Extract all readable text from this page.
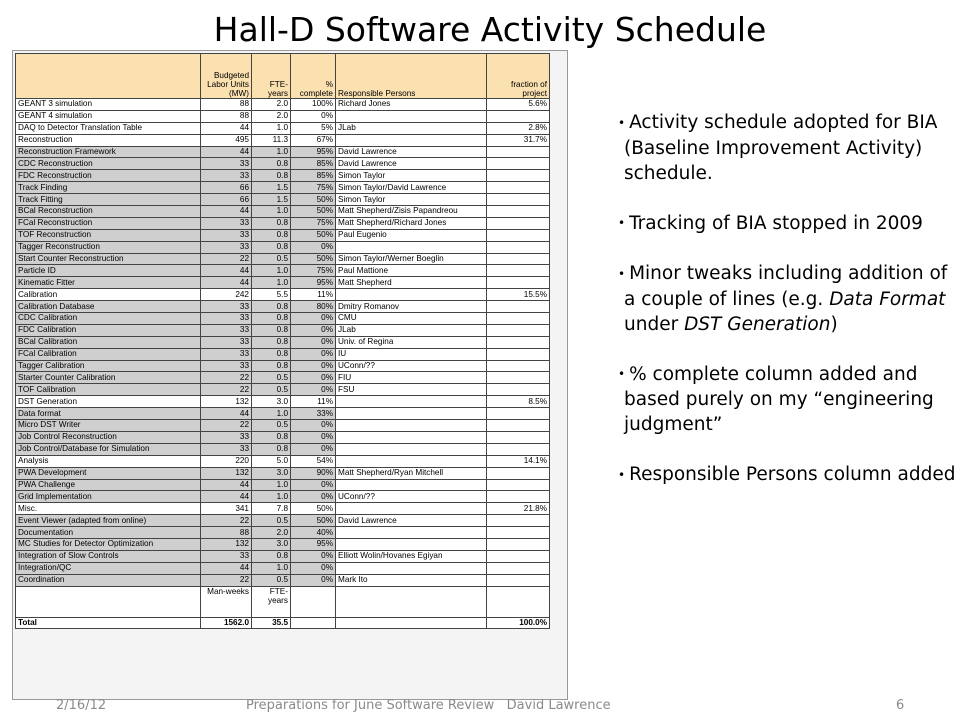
Hall-D Software Activity Schedule
	Budgeted Labor Units (MW)	FTE-years	% complete	Responsible Persons	fraction of project
GEANT 3 simulation	88	2.0	100%	Richard Jones	5.6%
GEANT 4 simulation	88	2.0	0%		
DAQ to Detector Translation Table	44	1.0	5%	JLab	2.8%
Reconstruction	495	11.3	67%		31.7%
Reconstruction Framework	44	1.0	95%	David Lawrence	
CDC Reconstruction	33	0.8	85%	David Lawrence	
FDC Reconstruction	33	0.8	85%	Simon Taylor	
Track Finding	66	1.5	75%	Simon Taylor/David Lawrence	
Track Fitting	66	1.5	50%	Simon Taylor	
BCal Reconstruction	44	1.0	50%	Matt Shepherd/Zisis Papandreou	
FCal Reconstruction	33	0.8	75%	Matt Shepherd/Richard Jones	
TOF Reconstruction	33	0.8	50%	Paul Eugenio	
Tagger Reconstruction	33	0.8	0%		
Start Counter Reconstruction	22	0.5	50%	Simon Taylor/Werner Boeglin	
Particle ID	44	1.0	75%	Paul Mattione	
Kinematic Fitter	44	1.0	95%	Matt Shepherd	
Calibration	242	5.5	11%		15.5%
Calibration Database	33	0.8	80%	Dmitry Romanov	
CDC Calibration	33	0.8	0%	CMU	
FDC Calibration	33	0.8	0%	JLab	
BCal Calibration	33	0.8	0%	Univ. of Regina	
FCal Calibration	33	0.8	0%	IU	
Tagger Calibration	33	0.8	0%	UConn/??	
Starter Counter Calibration	22	0.5	0%	FIU	
TOF Calibration	22	0.5	0%	FSU	
DST Generation	132	3.0	11%		8.5%
Data format	44	1.0	33%		
Micro DST Writer	22	0.5	0%		
Job Control Reconstruction	33	0.8	0%		
Job Control/Database for Simulation	33	0.8	0%		
Analysis	220	5.0	54%		14.1%
PWA Development	132	3.0	90%	Matt Shepherd/Ryan Mitchell	
PWA Challenge	44	1.0	0%		
Grid Implementation	44	1.0	0%	UConn/??	
Misc.	341	7.8	50%		21.8%
Event Viewer (adapted from online)	22	0.5	50%	David Lawrence	
Documentation	88	2.0	40%		
MC Studies for Detector Optimization	132	3.0	95%		
Integration of Slow Controls	33	0.8	0%	Elliott Wolin/Hovanes Egiyan	
Integration/QC	44	1.0	0%		
Coordination	22	0.5	0%	Mark Ito	
	Man-weeks	FTE-years			
Total	1562.0	35.5			100.0%
• Activity schedule adopted for BIA (Baseline Improvement Activity) schedule.
• Tracking of BIA stopped in 2009
• Minor tweaks including addition of a couple of lines (e.g. Data Format under DST Generation)
• % complete column added and based purely on my “engineering judgment”
• Responsible Persons column added
2/16/12	Preparations for June Software Review   David Lawrence	6
